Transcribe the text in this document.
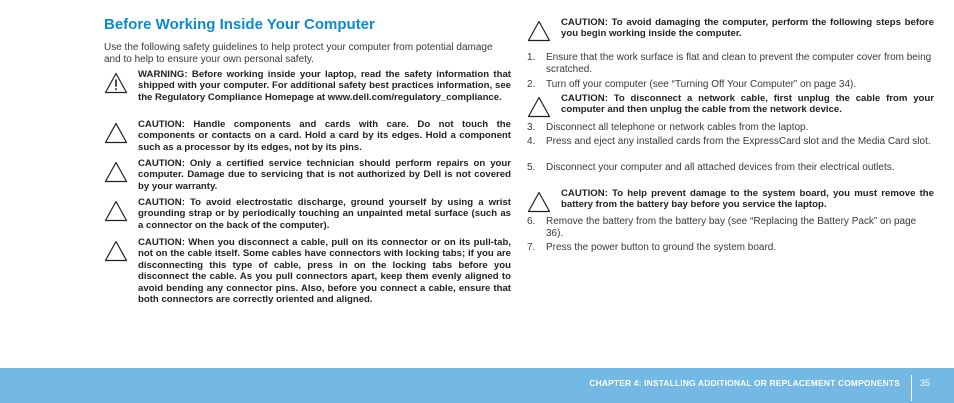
Before Working Inside Your Computer
Use the following safety guidelines to help protect your computer from potential damage and to help to ensure your own personal safety.
WARNING: Before working inside your laptop, read the safety information that shipped with your computer. For additional safety best practices information, see the Regulatory Compliance Homepage at www.dell.com/regulatory_compliance.
CAUTION: Handle components and cards with care. Do not touch the components or contacts on a card. Hold a card by its edges. Hold a component such as a processor by its edges, not by its pins.
CAUTION: Only a certified service technician should perform repairs on your computer. Damage due to servicing that is not authorized by Dell is not covered by your warranty.
CAUTION: To avoid electrostatic discharge, ground yourself by using a wrist grounding strap or by periodically touching an unpainted metal surface (such as a connector on the back of the computer).
CAUTION: When you disconnect a cable, pull on its connector or on its pull-tab, not on the cable itself. Some cables have connectors with locking tabs; if you are disconnecting this type of cable, press in on the locking tabs before you disconnect the cable. As you pull connectors apart, keep them evenly aligned to avoid bending any connector pins. Also, before you connect a cable, ensure that both connectors are correctly oriented and aligned.
CAUTION: To avoid damaging the computer, perform the following steps before you begin working inside the computer.
1.	Ensure that the work surface is flat and clean to prevent the computer cover from being scratched.
2.	Turn off your computer (see “Turning Off Your Computer” on page 34).
CAUTION: To disconnect a network cable, first unplug the cable from your computer and then unplug the cable from the network device.
3.	Disconnect all telephone or network cables from the laptop.
4.	Press and eject any installed cards from the ExpressCard slot and the Media Card slot.
5.	Disconnect your computer and all attached devices from their electrical outlets.
CAUTION: To help prevent damage to the system board, you must remove the battery from the battery bay before you service the laptop.
6.	Remove the battery from the battery bay (see “Replacing the Battery Pack” on page 36).
7.	Press the power button to ground the system board.
CHAPTER 4: INSTALLING ADDITIONAL OR REPLACEMENT COMPONENTS 35
